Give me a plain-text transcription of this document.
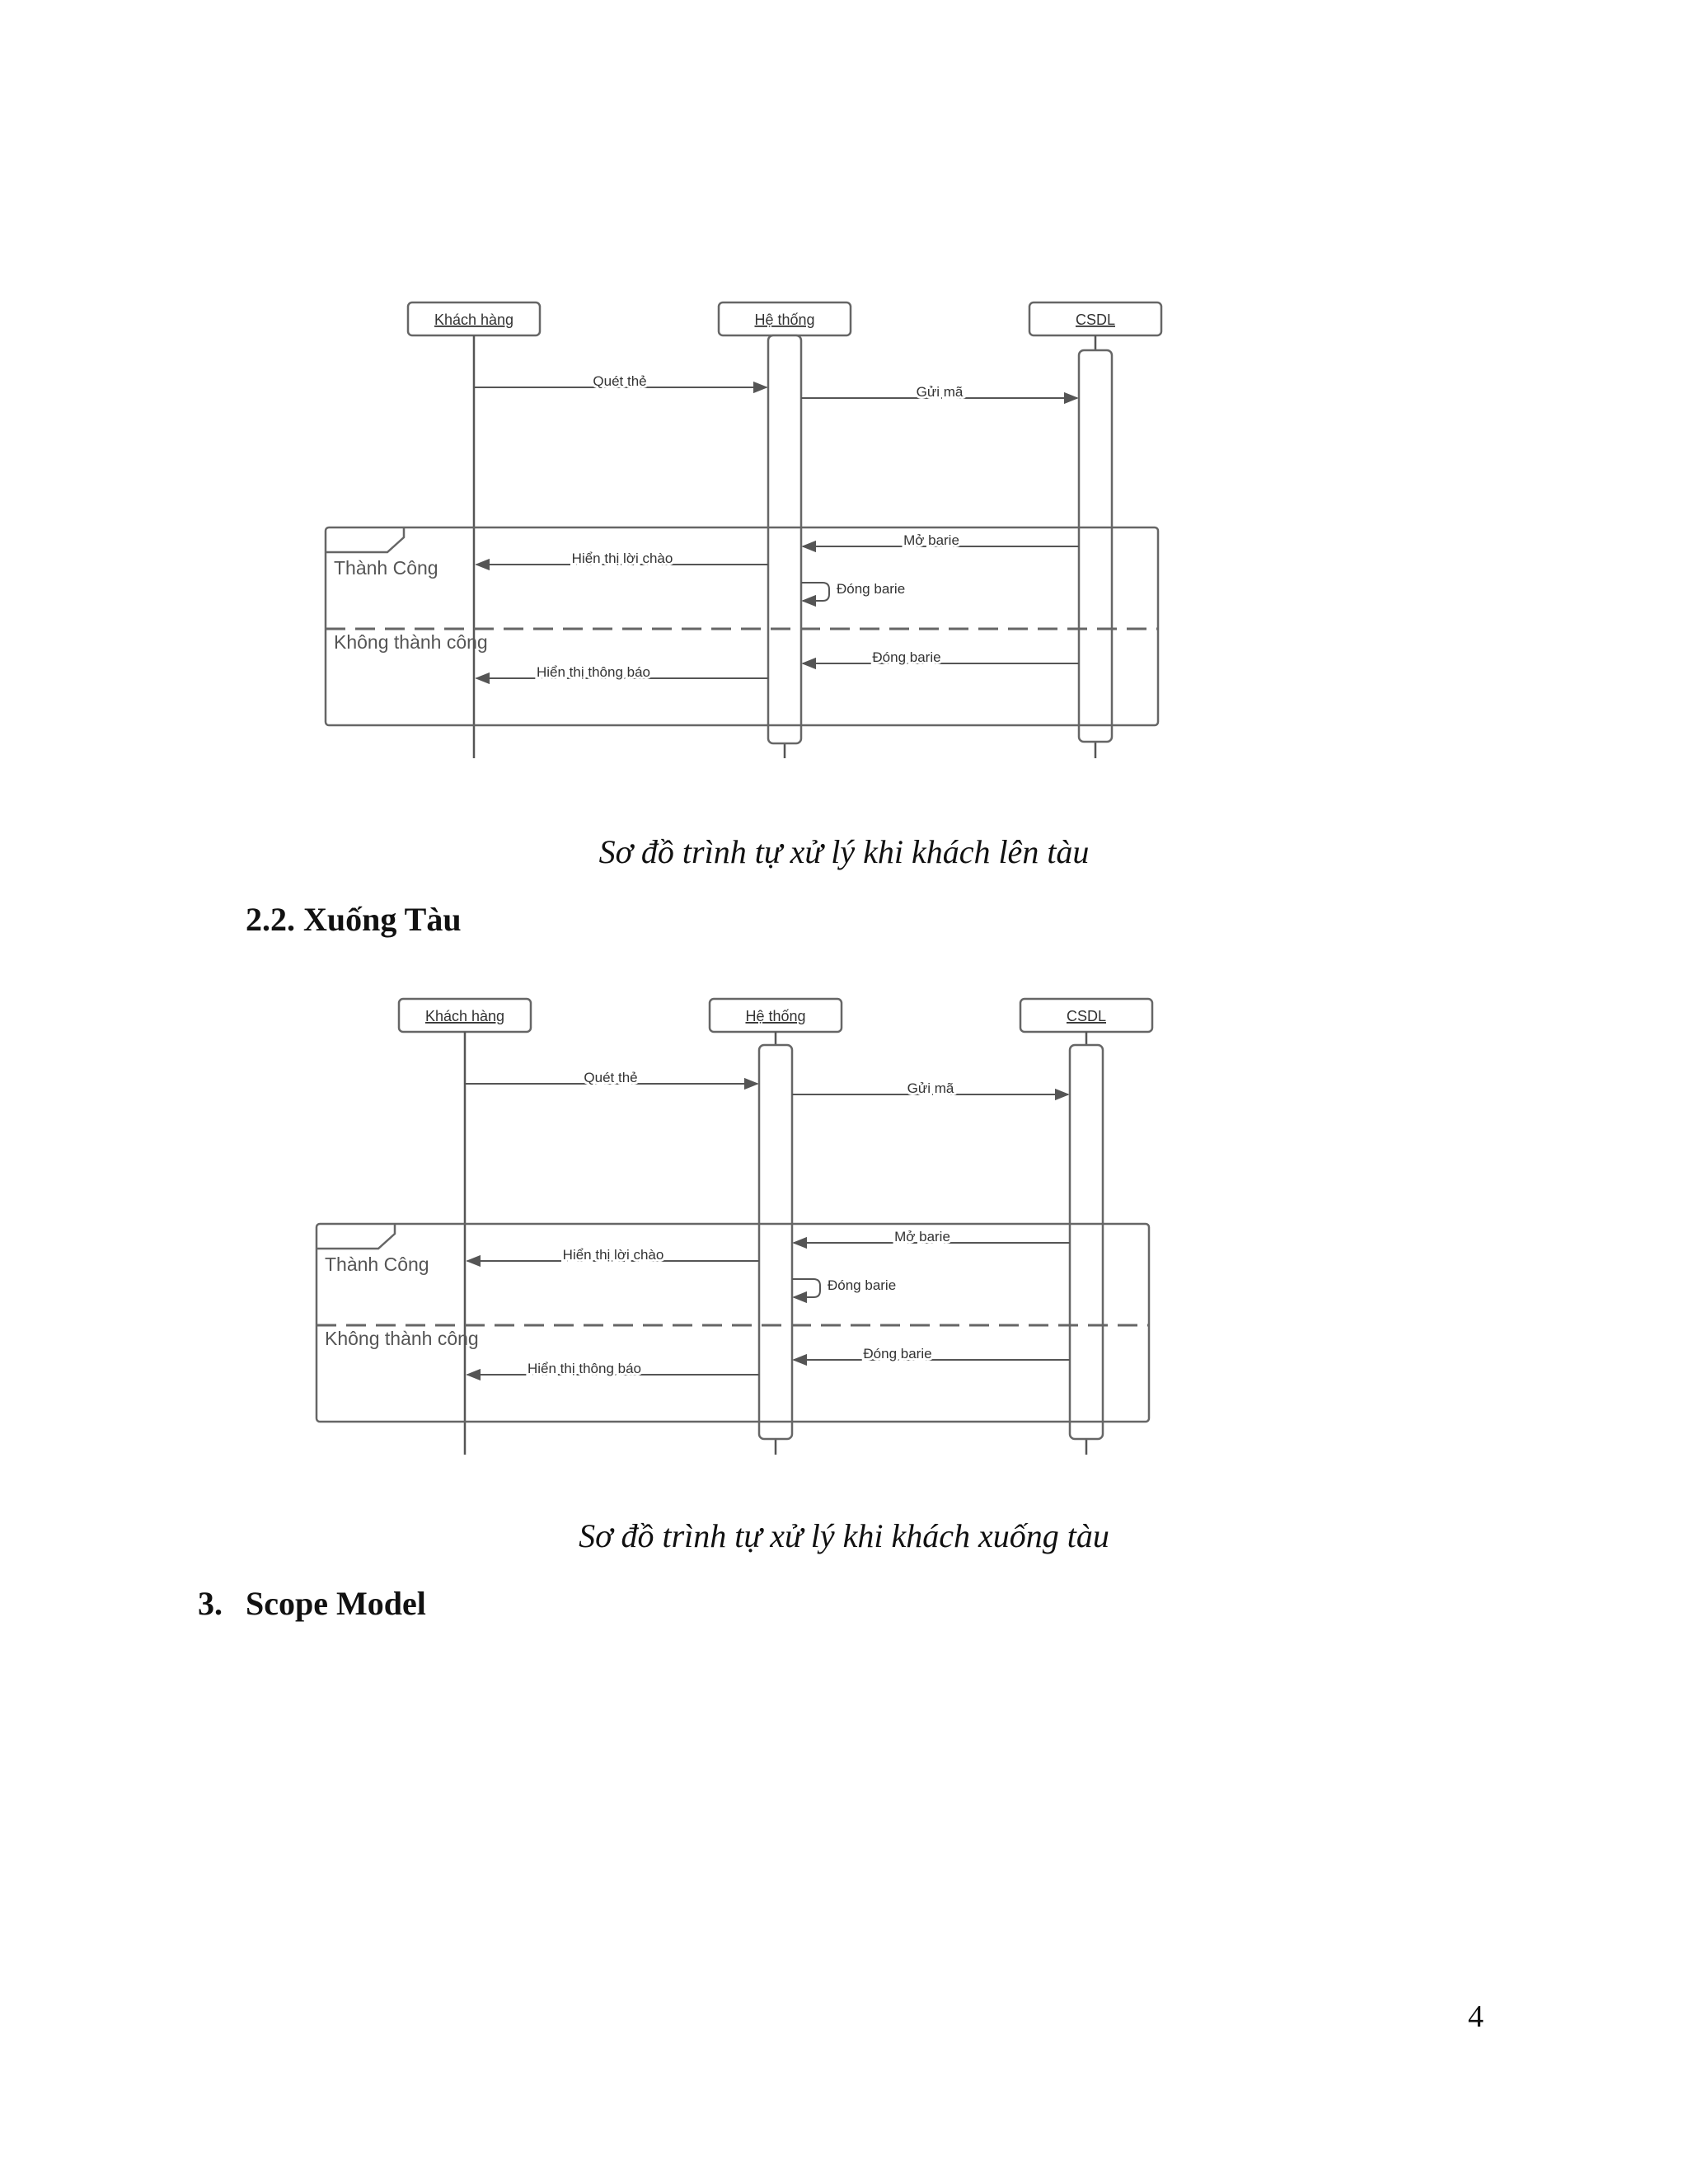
Khách hàng	Hệ thống	CSDL
Thành Công
Không thành công
Quét thẻ
Gửi mã
Mở barie
Hiển thị lời chào
Đóng barie
Đóng barie
Hiển thị thông báo
Sơ đồ trình tự xử lý khi khách lên tàu
2.2. Xuống Tàu
Khách hàng	Hệ thống	CSDL
Thành Công
Không thành công
Quét thẻ
Gửi mã
Mở barie
Hiển thị lời chào
Đóng barie
Đóng barie
Hiển thị thông báo
Sơ đồ trình tự xử lý khi khách xuống tàu
3. Scope Model
4
